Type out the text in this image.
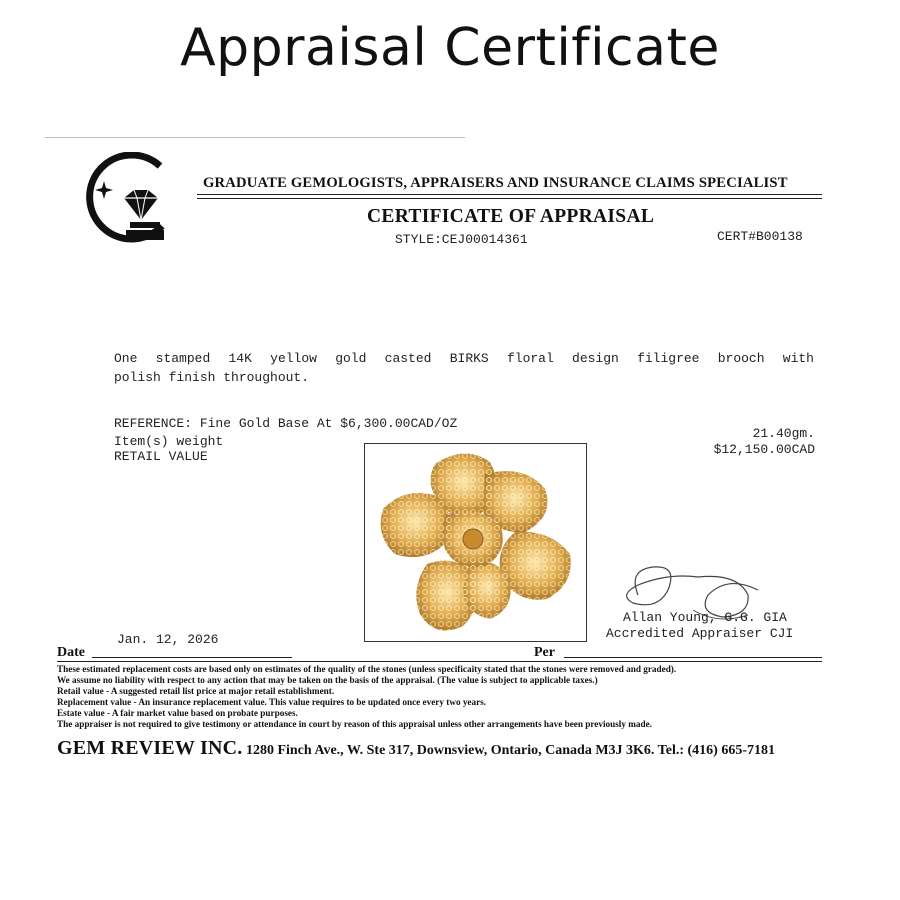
Appraisal Certificate
GRADUATE GEMOLOGISTS, APPRAISERS AND INSURANCE CLAIMS SPECIALIST
CERTIFICATE OF APPRAISAL
STYLE:CEJ00014361	CERT#B00138
One stamped 14K yellow gold casted BIRKS floral design filigree brooch with
polish finish throughout.
REFERENCE: Fine Gold Base At $6,300.00CAD/OZ
Item(s) weight
RETAIL VALUE
21.40gm.
$12,150.00CAD
Jan. 12, 2026
Allan Young, G.G. GIA
Accredited Appraiser CJI
Date	Per
These estimated replacement costs are based only on estimates of the quality of the stones (unless specificaity stated that the stones were removed and graded).
We assume no liability with respect to any action that may be taken on the basis of the appraisal. (The value is subject to applicable taxes.)
Retail value - A suggested retail list price at major retail establishment.
Replacement value - An insurance replacement value. This value requires to be updated once every two years.
Estate value - A fair market value based on probate purposes.
The appraiser is not required to give testimony or attendance in court by reason of this appraisal unless other arrangements have been previously made.
GEM REVIEW INC. 1280 Finch Ave., W. Ste 317, Downsview, Ontario, Canada M3J 3K6. Tel.: (416) 665-7181
